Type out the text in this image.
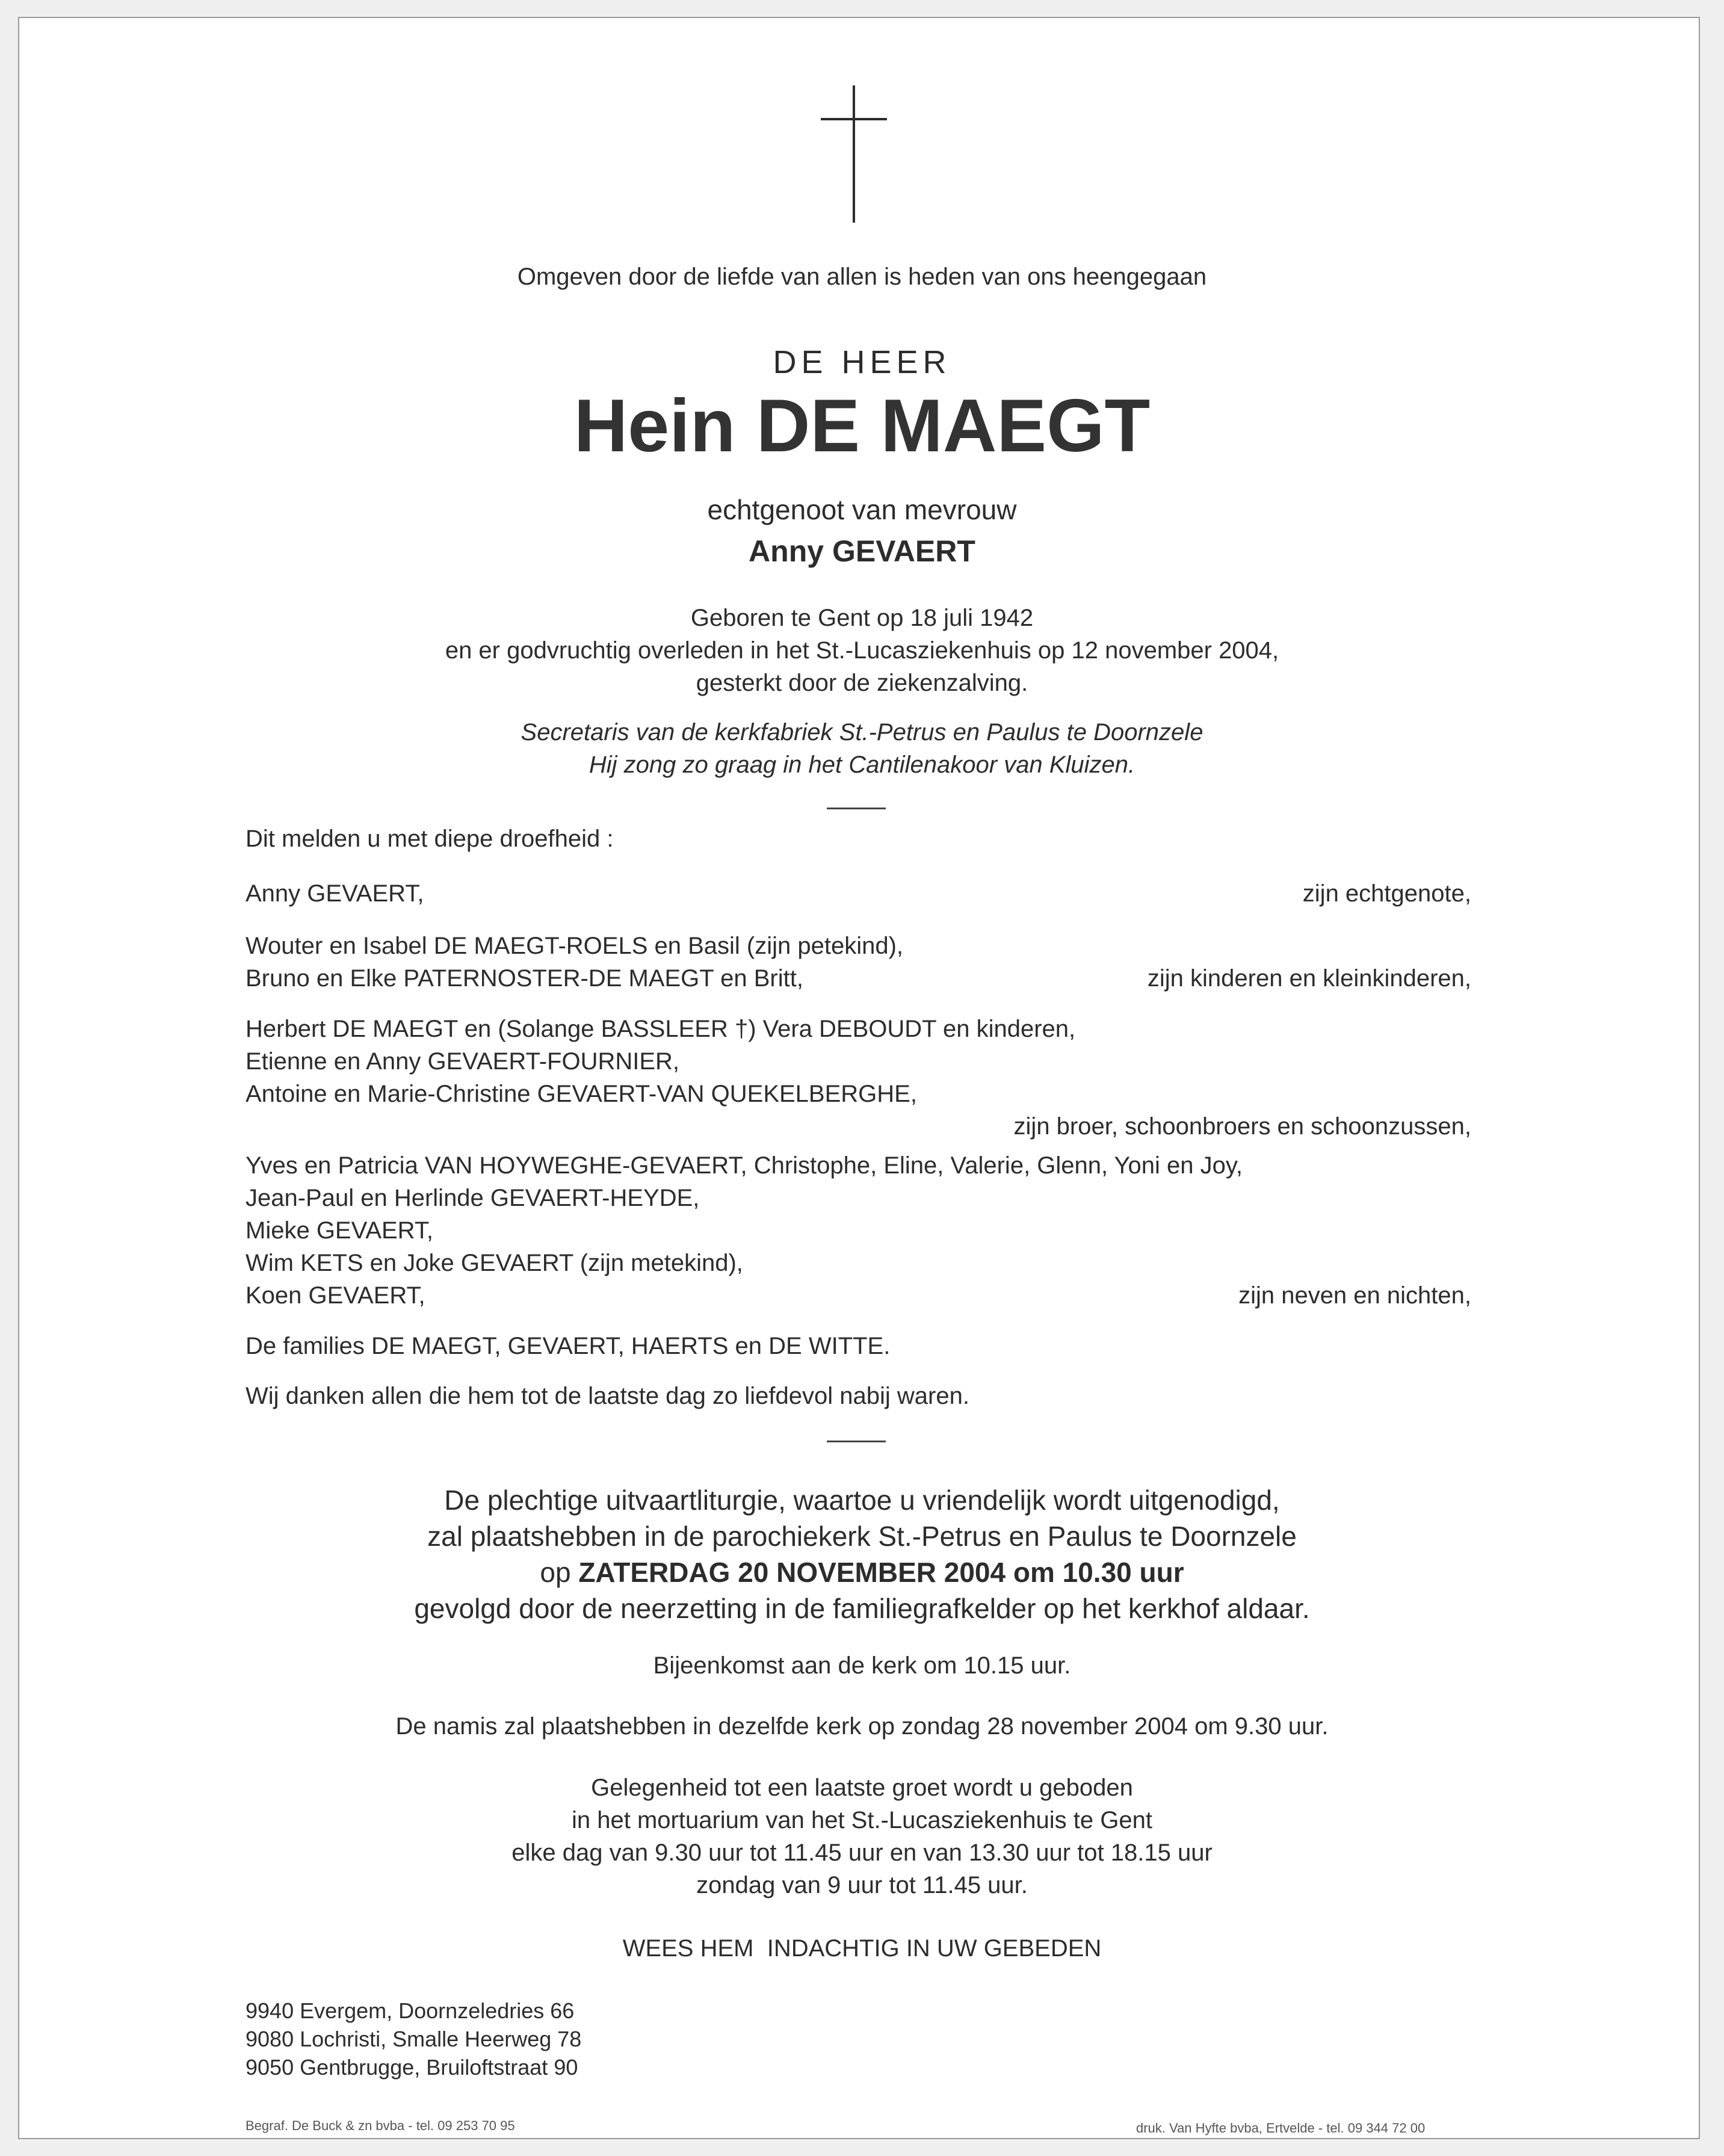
Omgeven door de liefde van allen is heden van ons heengegaan
DE HEER
Hein DE MAEGT
echtgenoot van mevrouw
Anny GEVAERT
Geboren te Gent op 18 juli 1942
en er godvruchtig overleden in het St.-Lucasziekenhuis op 12 november 2004,
gesterkt door de ziekenzalving.
Secretaris van de kerkfabriek St.-Petrus en Paulus te Doornzele
Hij zong zo graag in het Cantilenakoor van Kluizen.
Dit melden u met diepe droefheid :
Anny GEVAERT,	zijn echtgenote,
Wouter en Isabel DE MAEGT-ROELS en Basil (zijn petekind),
Bruno en Elke PATERNOSTER-DE MAEGT en Britt,	zijn kinderen en kleinkinderen,
Herbert DE MAEGT en (Solange BASSLEER †) Vera DEBOUDT en kinderen,
Etienne en Anny GEVAERT-FOURNIER,
Antoine en Marie-Christine GEVAERT-VAN QUEKELBERGHE,
zijn broer, schoonbroers en schoonzussen,
Yves en Patricia VAN HOYWEGHE-GEVAERT, Christophe, Eline, Valerie, Glenn, Yoni en Joy,
Jean-Paul en Herlinde GEVAERT-HEYDE,
Mieke GEVAERT,
Wim KETS en Joke GEVAERT (zijn metekind),
Koen GEVAERT,	zijn neven en nichten,
De families DE MAEGT, GEVAERT, HAERTS en DE WITTE.
Wij danken allen die hem tot de laatste dag zo liefdevol nabij waren.
De plechtige uitvaartliturgie, waartoe u vriendelijk wordt uitgenodigd,
zal plaatshebben in de parochiekerk St.-Petrus en Paulus te Doornzele
op ZATERDAG 20 NOVEMBER 2004 om 10.30 uur
gevolgd door de neerzetting in de familiegrafkelder op het kerkhof aldaar.
Bijeenkomst aan de kerk om 10.15 uur.
De namis zal plaatshebben in dezelfde kerk op zondag 28 november 2004 om 9.30 uur.
Gelegenheid tot een laatste groet wordt u geboden
in het mortuarium van het St.-Lucasziekenhuis te Gent
elke dag van 9.30 uur tot 11.45 uur en van 13.30 uur tot 18.15 uur
zondag van 9 uur tot 11.45 uur.
WEES HEM  INDACHTIG IN UW GEBEDEN
9940 Evergem, Doornzeledries 66
9080 Lochristi, Smalle Heerweg 78
9050 Gentbrugge, Bruiloftstraat 90
Begraf. De Buck & zn bvba - tel. 09 253 70 95	druk. Van Hyfte bvba, Ertvelde - tel. 09 344 72 00
